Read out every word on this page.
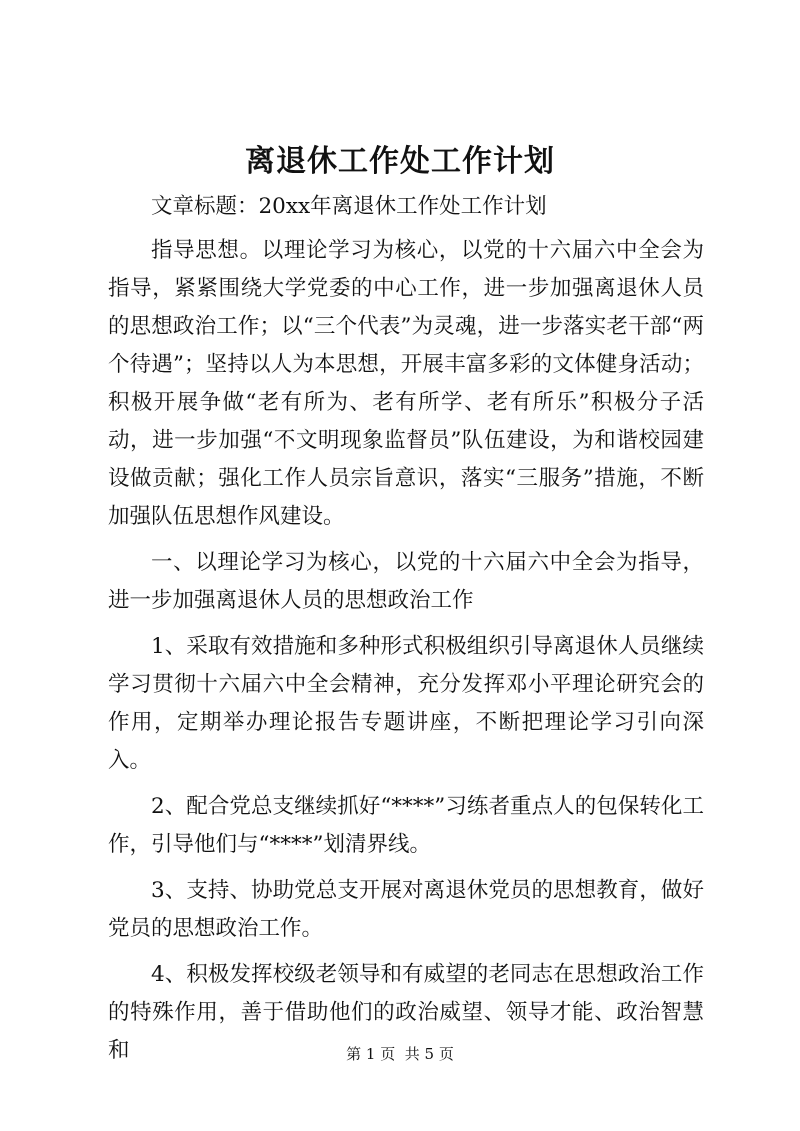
离退休工作处工作计划

文章标题：20xx年离退休工作处工作计划

指导思想。以理论学习为核心，以党的十六届六中全会为指导，紧紧围绕大学党委的中心工作，进一步加强离退休人员的思想政治工作；以“三个代表”为灵魂，进一步落实老干部“两个待遇”；坚持以人为本思想，开展丰富多彩的文体健身活动；积极开展争做“老有所为、老有所学、老有所乐”积极分子活动，进一步加强“不文明现象监督员”队伍建设，为和谐校园建设做贡献；强化工作人员宗旨意识，落实“三服务”措施，不断加强队伍思想作风建设。

一、以理论学习为核心，以党的十六届六中全会为指导，进一步加强离退休人员的思想政治工作

1、采取有效措施和多种形式积极组织引导离退休人员继续学习贯彻十六届六中全会精神，充分发挥邓小平理论研究会的作用，定期举办理论报告专题讲座，不断把理论学习引向深入。

2、配合党总支继续抓好“****”习练者重点人的包保转化工作，引导他们与“****”划清界线。

3、支持、协助党总支开展对离退休党员的思想教育，做好党员的思想政治工作。

4、积极发挥校级老领导和有威望的老同志在思想政治工作的特殊作用，善于借助他们的政治威望、领导才能、政治智慧和	第 1 页 共 5 页
